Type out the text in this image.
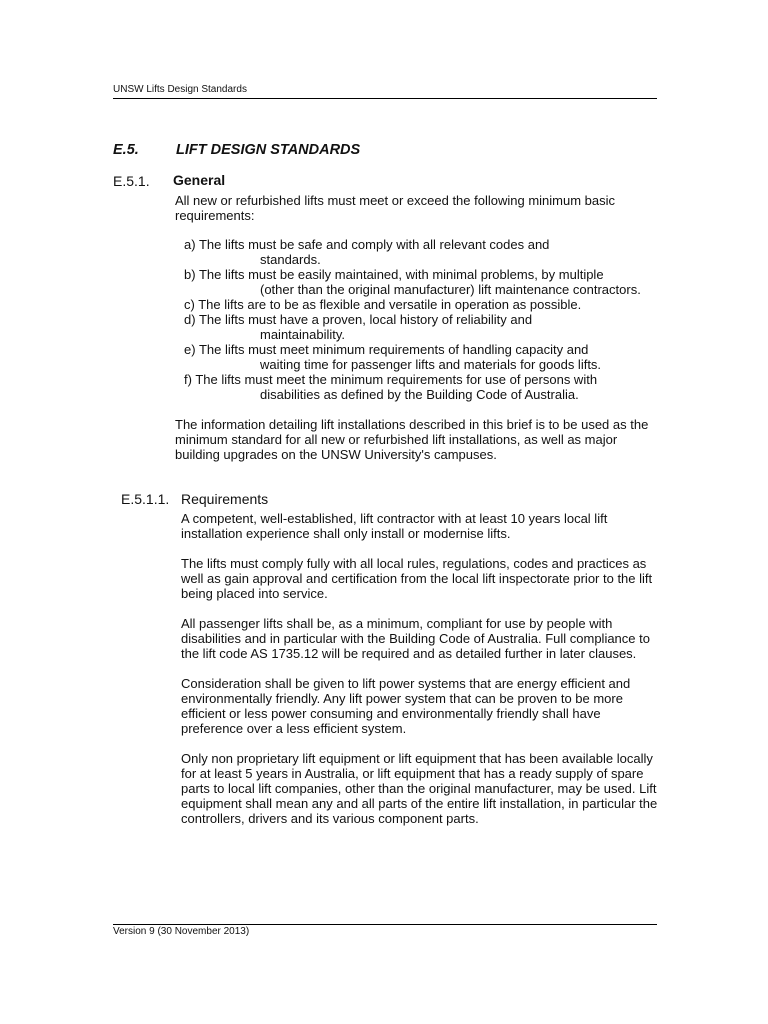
UNSW Lifts Design Standards
E.5.	LIFT DESIGN STANDARDS
E.5.1. General
All new or refurbished lifts must meet or exceed the following minimum basic requirements:
a) The lifts must be safe and comply with all relevant codes and
standards.
b) The lifts must be easily maintained, with minimal problems, by multiple
(other than the original manufacturer) lift maintenance contractors.
c) The lifts are to be as flexible and versatile in operation as possible.
d) The lifts must have a proven, local history of reliability and
maintainability.
e) The lifts must meet minimum requirements of handling capacity and
waiting time for passenger lifts and materials for goods lifts.
f) The lifts must meet the minimum requirements for use of persons with
disabilities as defined by the Building Code of Australia.
The information detailing lift installations described in this brief is to be used as the minimum standard for all new or refurbished lift installations, as well as major building upgrades on the UNSW University's campuses.
E.5.1.1. Requirements

A competent, well-established, lift contractor with at least 10 years local lift installation experience shall only install or modernise lifts.

The lifts must comply fully with all local rules, regulations, codes and practices as well as gain approval and certification from the local lift inspectorate prior to the lift being placed into service.

All passenger lifts shall be, as a minimum, compliant for use by people with disabilities and in particular with the Building Code of Australia. Full compliance to the lift code AS 1735.12 will be required and as detailed further in later clauses.

Consideration shall be given to lift power systems that are energy efficient and environmentally friendly. Any lift power system that can be proven to be more efficient or less power consuming and environmentally friendly shall have preference over a less efficient system.

Only non proprietary lift equipment or lift equipment that has been available locally for at least 5 years in Australia, or lift equipment that has a ready supply of spare parts to local lift companies, other than the original manufacturer, may be used. Lift equipment shall mean any and all parts of the entire lift installation, in particular the controllers, drivers and its various component parts.

Version 9 (30 November 2013)
